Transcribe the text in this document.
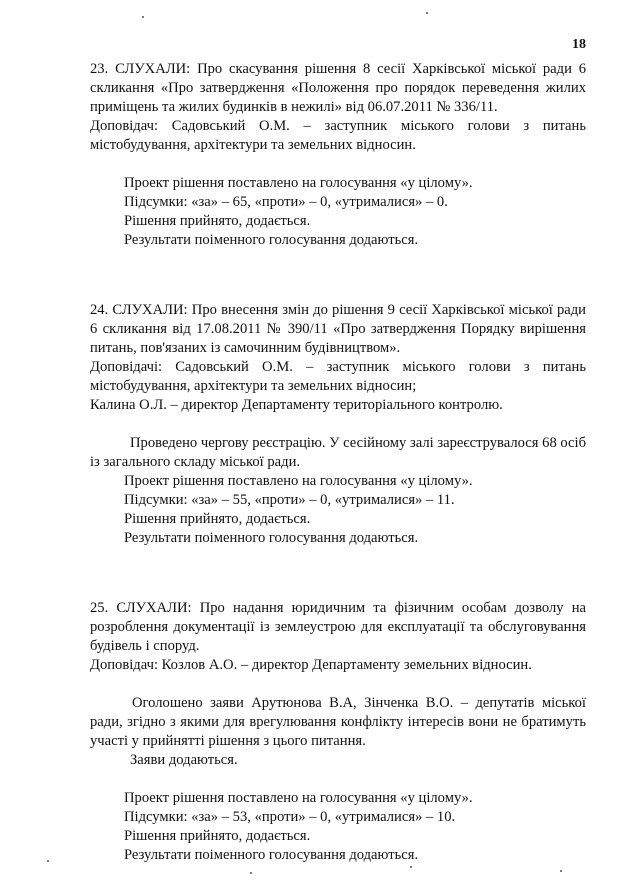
18

23. СЛУХАЛИ: Про скасування рішення 8 сесії Харківської міської ради 6 скликання «Про затвердження «Положення про порядок переведення жилих приміщень та жилих будинків в нежилі» від 06.07.2011 № 336/11.

Доповідач: Садовський О.М. – заступник міського голови з питань містобудування, архітектури та земельних відносин.

Проект рішення поставлено на голосування «у цілому».

Підсумки: «за» – 65, «проти» – 0, «утрималися» – 0.

Рішення прийнято, додається.

Результати поіменного голосування додаються.

24. СЛУХАЛИ: Про внесення змін до рішення 9 сесії Харківської міської ради 6 скликання від 17.08.2011 № 390/11 «Про затвердження Порядку вирішення питань, пов'язаних із самочинним будівництвом».

Доповідачі: Садовський О.М. – заступник міського голови з питань містобудування, архітектури та земельних відносин;

Калина О.Л. – директор Департаменту територіального контролю.

Проведено чергову реєстрацію. У сесійному залі зареєструвалося 68 осіб із загального складу міської ради.

Проект рішення поставлено на голосування «у цілому».

Підсумки: «за» – 55, «проти» – 0, «утрималися» – 11.

Рішення прийнято, додається.

Результати поіменного голосування додаються.

25. СЛУХАЛИ: Про надання юридичним та фізичним особам дозволу на розроблення документації із землеустрою для експлуатації та обслуговування будівель і споруд.

Доповідач: Козлов А.О. – директор Департаменту земельних відносин.

Оголошено заяви Арутюнова В.А, Зінченка В.О. – депутатів міської ради, згідно з якими для врегулювання конфлікту інтересів вони не братимуть участі у прийнятті рішення з цього питання.

Заяви додаються.

Проект рішення поставлено на голосування «у цілому».

Підсумки: «за» – 53, «проти» – 0, «утрималися» – 10.

Рішення прийнято, додається.

Результати поіменного голосування додаються.
